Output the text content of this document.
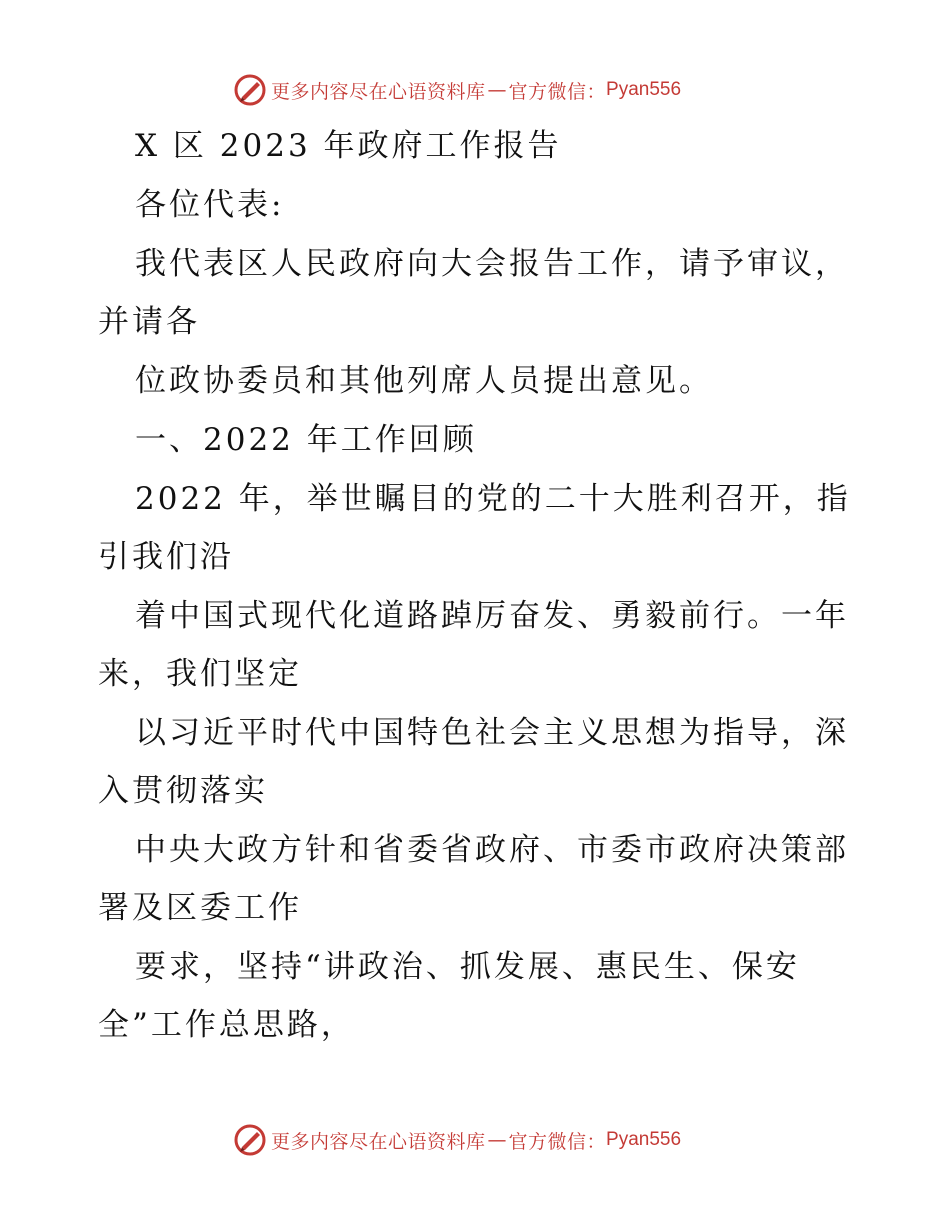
更多内容尽在心语资料库 — 官方微信： Pyan556
X 区 2023 年政府工作报告
各位代表:
我代表区人民政府向大会报告工作，请予审议，
并请各
位政协委员和其他列席人员提出意见。
一、2022 年工作回顾
2022 年，举世瞩目的党的二十大胜利召开，指
引我们沿
着中国式现代化道路踔厉奋发、勇毅前行。一年
来，我们坚定
以习近平时代中国特色社会主义思想为指导，深
入贯彻落实
中央大政方针和省委省政府、市委市政府决策部
署及区委工作
要求，坚持“讲政治、抓发展、惠民生、保安
全”工作总思路，
更多内容尽在心语资料库 — 官方微信： Pyan556
